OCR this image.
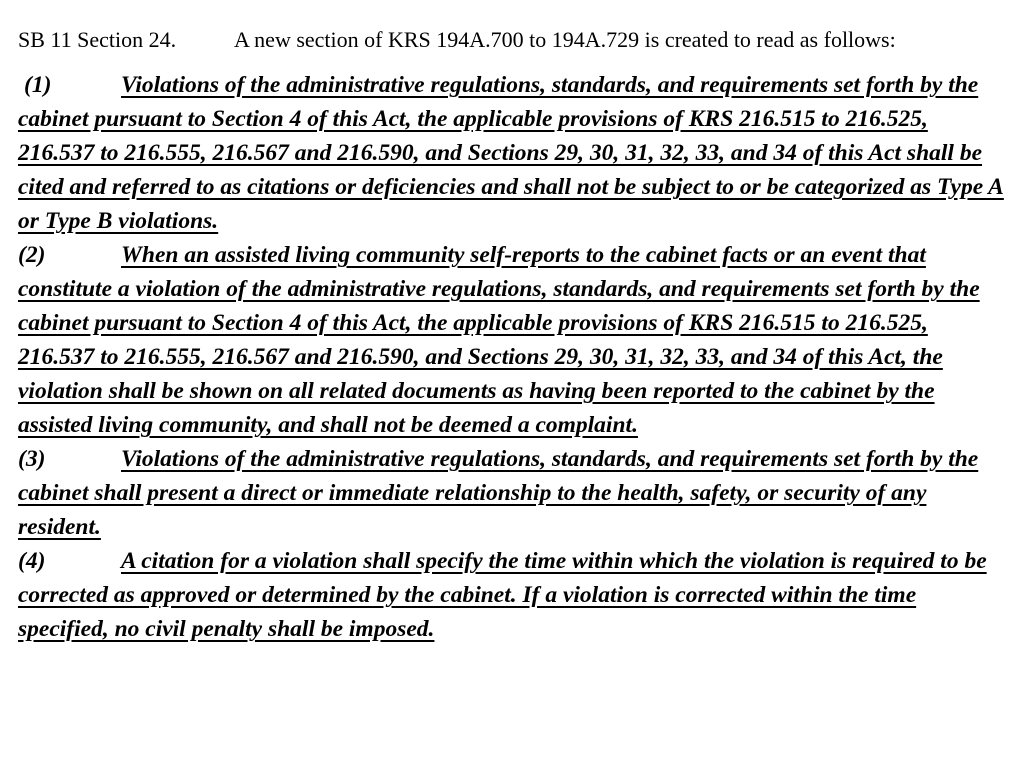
SB 11 Section 24.	A new section of KRS 194A.700 to 194A.729 is created to read as follows:

(1)	Violations of the administrative regulations, standards, and requirements set forth by the cabinet pursuant to Section 4 of this Act, the applicable provisions of KRS 216.515 to 216.525, 216.537 to 216.555, 216.567 and 216.590, and Sections 29, 30, 31, 32, 33, and 34 of this Act shall be cited and referred to as citations or deficiencies and shall not be subject to or be categorized as Type A or Type B violations.

(2)	When an assisted living community self-reports to the cabinet facts or an event that constitute a violation of the administrative regulations, standards, and requirements set forth by the cabinet pursuant to Section 4 of this Act, the applicable provisions of KRS 216.515 to 216.525, 216.537 to 216.555, 216.567 and 216.590, and Sections 29, 30, 31, 32, 33, and 34 of this Act, the violation shall be shown on all related documents as having been reported to the cabinet by the assisted living community, and shall not be deemed a complaint.

(3)	Violations of the administrative regulations, standards, and requirements set forth by the cabinet shall present a direct or immediate relationship to the health, safety, or security of any resident.

(4)	A citation for a violation shall specify the time within which the violation is required to be corrected as approved or determined by the cabinet. If a violation is corrected within the time specified, no civil penalty shall be imposed.
